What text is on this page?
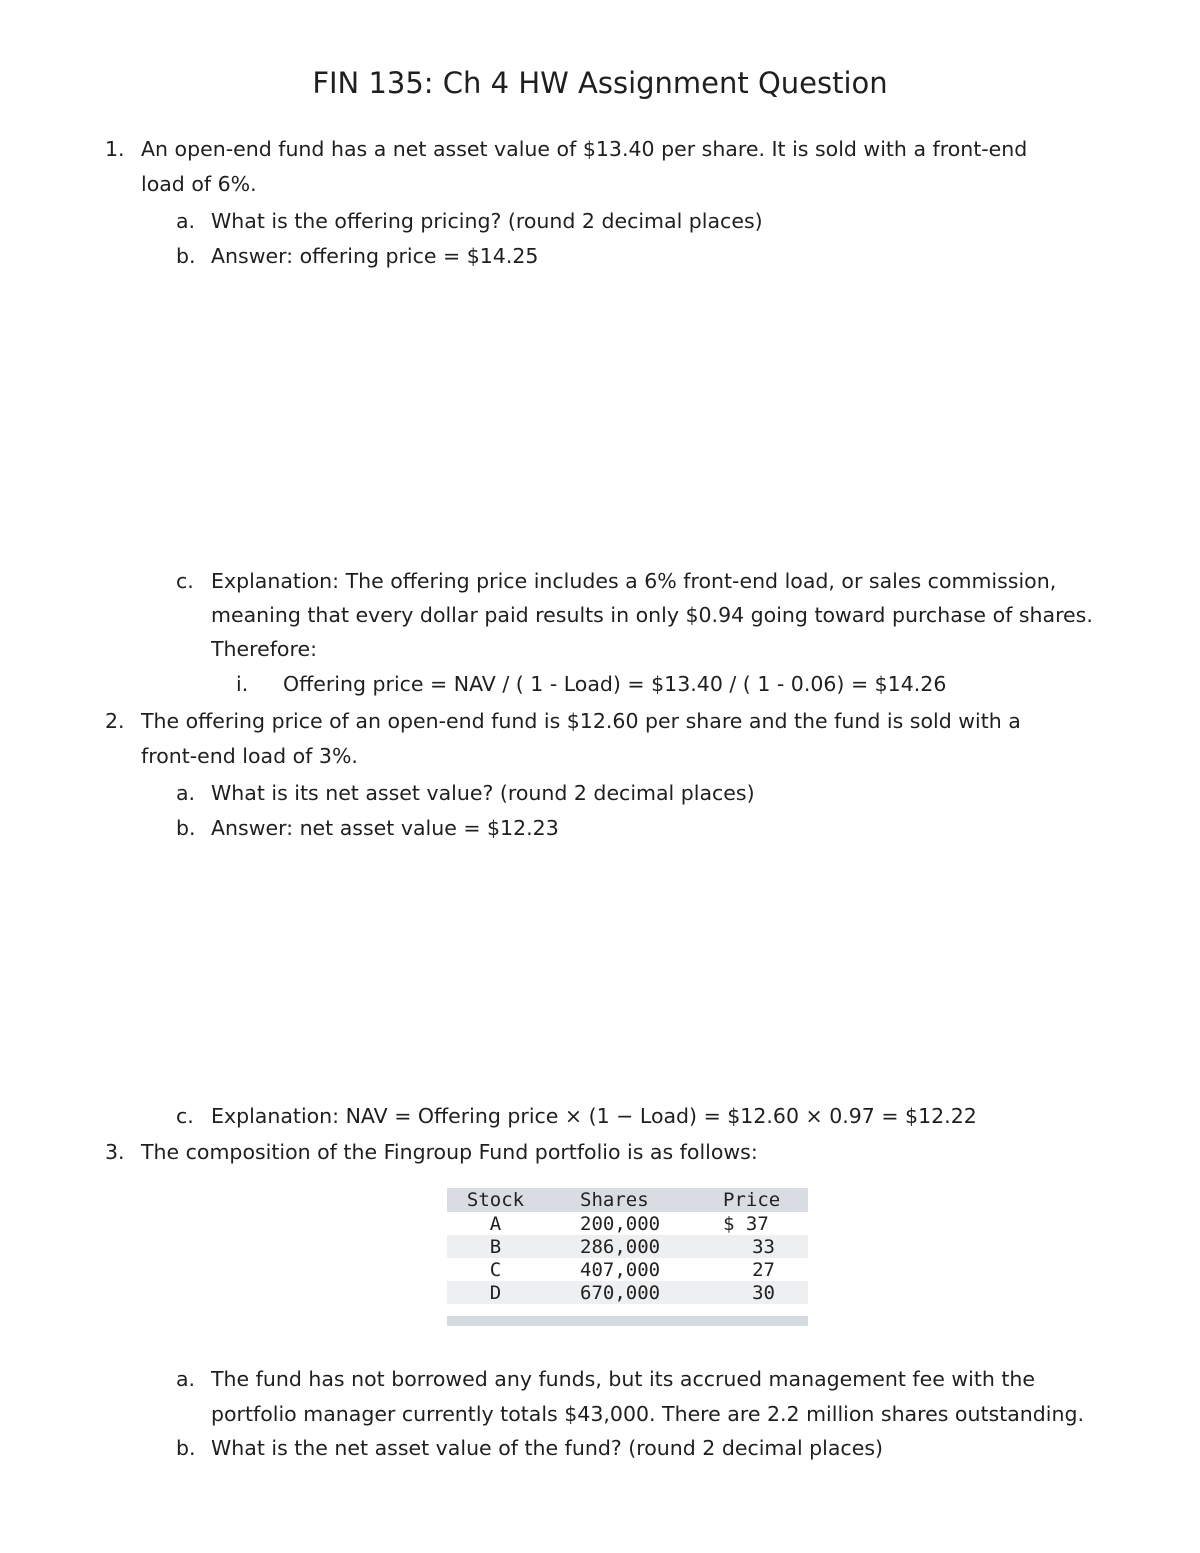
FIN 135: Ch 4 HW Assignment Question
1. An open-end fund has a net asset value of $13.40 per share. It is sold with a front-end
load of 6%.
a. What is the offering pricing? (round 2 decimal places)
b. Answer: offering price = $14.25
c. Explanation: The offering price includes a 6% front-end load, or sales commission,
meaning that every dollar paid results in only $0.94 going toward purchase of shares.
Therefore:
i. Offering price = NAV / ( 1 - Load) = $13.40 / ( 1 - 0.06) = $14.26
2. The offering price of an open-end fund is $12.60 per share and the fund is sold with a
front-end load of 3%.
a. What is its net asset value? (round 2 decimal places)
b. Answer: net asset value = $12.23
c. Explanation: NAV = Offering price × (1 − Load) = $12.60 × 0.97 = $12.22
3. The composition of the Fingroup Fund portfolio is as follows:
Stock	Shares	Price
A	200,000	$ 37
B	286,000	33
C	407,000	27
D	670,000	30
a. The fund has not borrowed any funds, but its accrued management fee with the
portfolio manager currently totals $43,000. There are 2.2 million shares outstanding.
b. What is the net asset value of the fund? (round 2 decimal places)
